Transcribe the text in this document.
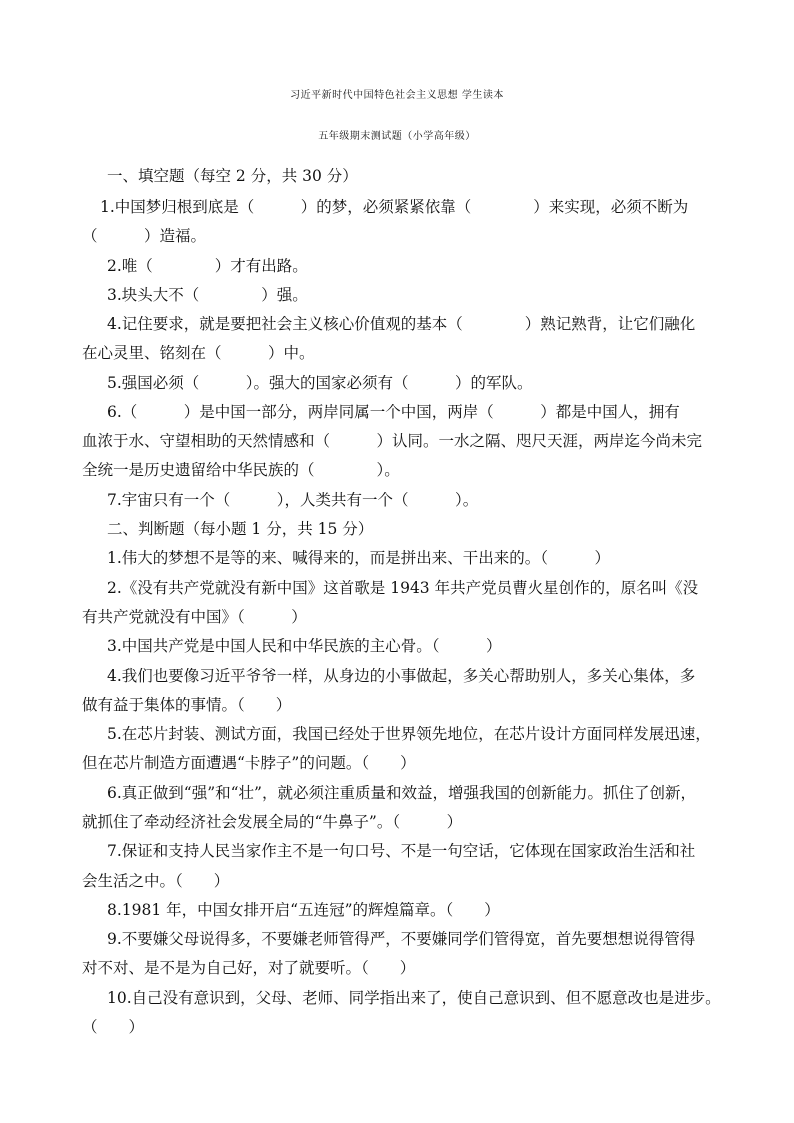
习近平新时代中国特色社会主义思想 学生读本
五年级期末测试题（小学高年级）
一、填空题（每空 2 分，共 30 分）
1.中国梦归根到底是（　　　）的梦，必须紧紧依靠（　　　　）来实现，必须不断为
（　　　）造福。
2.唯（　　　　）才有出路。
3.块头大不（　　　　）强。
4.记住要求，就是要把社会主义核心价值观的基本（　　　　）熟记熟背，让它们融化
在心灵里、铭刻在（　　　）中。
5.强国必须（　　　）。强大的国家必须有（　　　）的军队。
6.（　　　）是中国一部分，两岸同属一个中国，两岸（　　　）都是中国人，拥有
血浓于水、守望相助的天然情感和（　　　）认同。一水之隔、咫尺天涯，两岸迄今尚未完
全统一是历史遗留给中华民族的（　　　　）。
7.宇宙只有一个（　　　），人类共有一个（　　　）。
二、判断题（每小题 1 分，共 15 分）
1.伟大的梦想不是等的来、喊得来的，而是拼出来、干出来的。（　　　）
2.《没有共产党就没有新中国》这首歌是 1943 年共产党员曹火星创作的，原名叫《没
有共产党就没有中国》（　　　）
3.中国共产党是中国人民和中华民族的主心骨。（　　　）
4.我们也要像习近平爷爷一样，从身边的小事做起，多关心帮助别人，多关心集体，多
做有益于集体的事情。（　　）
5.在芯片封装、测试方面，我国已经处于世界领先地位，在芯片设计方面同样发展迅速，
但在芯片制造方面遭遇“卡脖子”的问题。（　　）
6.真正做到“强”和“壮”，就必须注重质量和效益，增强我国的创新能力。抓住了创新，
就抓住了牵动经济社会发展全局的“牛鼻子”。（　　　）
7.保证和支持人民当家作主不是一句口号、不是一句空话，它体现在国家政治生活和社
会生活之中。（　　）
8.1981 年，中国女排开启“五连冠”的辉煌篇章。（　　）
9.不要嫌父母说得多，不要嫌老师管得严，不要嫌同学们管得宽，首先要想想说得管得
对不对、是不是为自己好，对了就要听。（　　）
10.自己没有意识到，父母、老师、同学指出来了，使自己意识到、但不愿意改也是进步。
（　　）
